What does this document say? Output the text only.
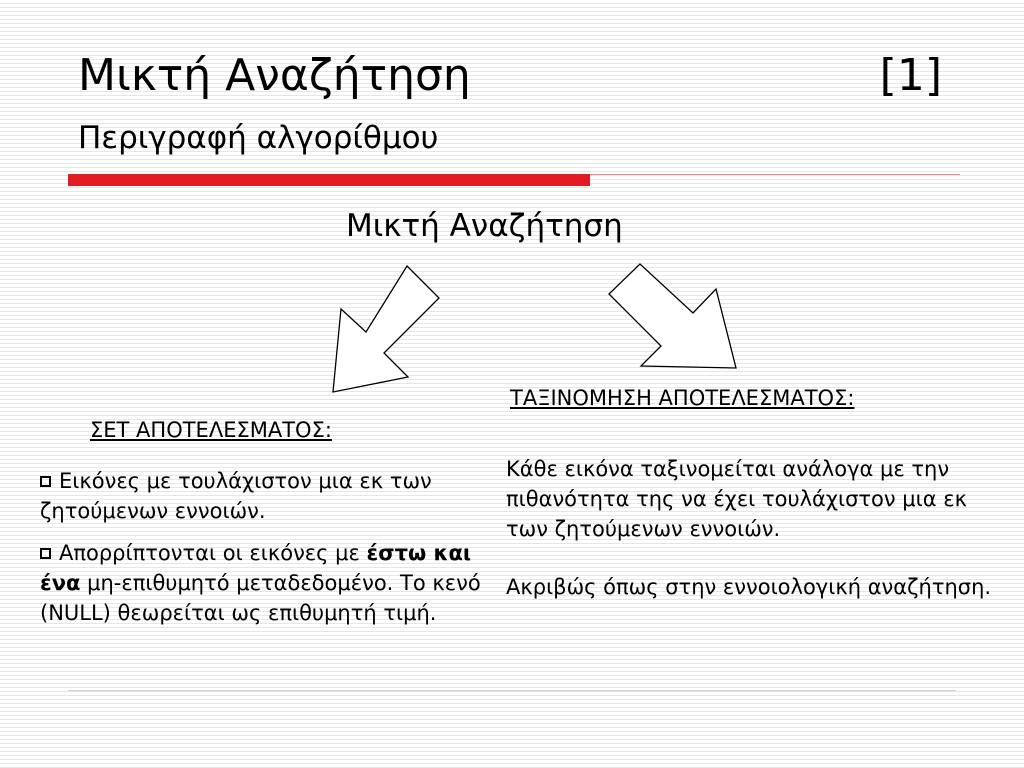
Μικτή Αναζήτηση	[1]
Περιγραφή αλγορίθμου
Μικτή Αναζήτηση
ΣΕΤ ΑΠΟΤΕΛΕΣΜΑΤΟΣ:
ΤΑΞΙΝΟΜΗΣΗ ΑΠΟΤΕΛΕΣΜΑΤΟΣ:

Εικόνες με τουλάχιστον μια εκ των ζητούμενων εννοιών.

Απορρίπτονται οι εικόνες με έστω και ένα μη-επιθυμητό μεταδεδομένο. Το κενό (NULL) θεωρείται ως επιθυμητή τιμή.

Κάθε εικόνα ταξινομείται ανάλογα με την πιθανότητα της να έχει τουλάχιστον μια εκ των ζητούμενων εννοιών.

Ακριβώς όπως στην εννοιολογική αναζήτηση.
